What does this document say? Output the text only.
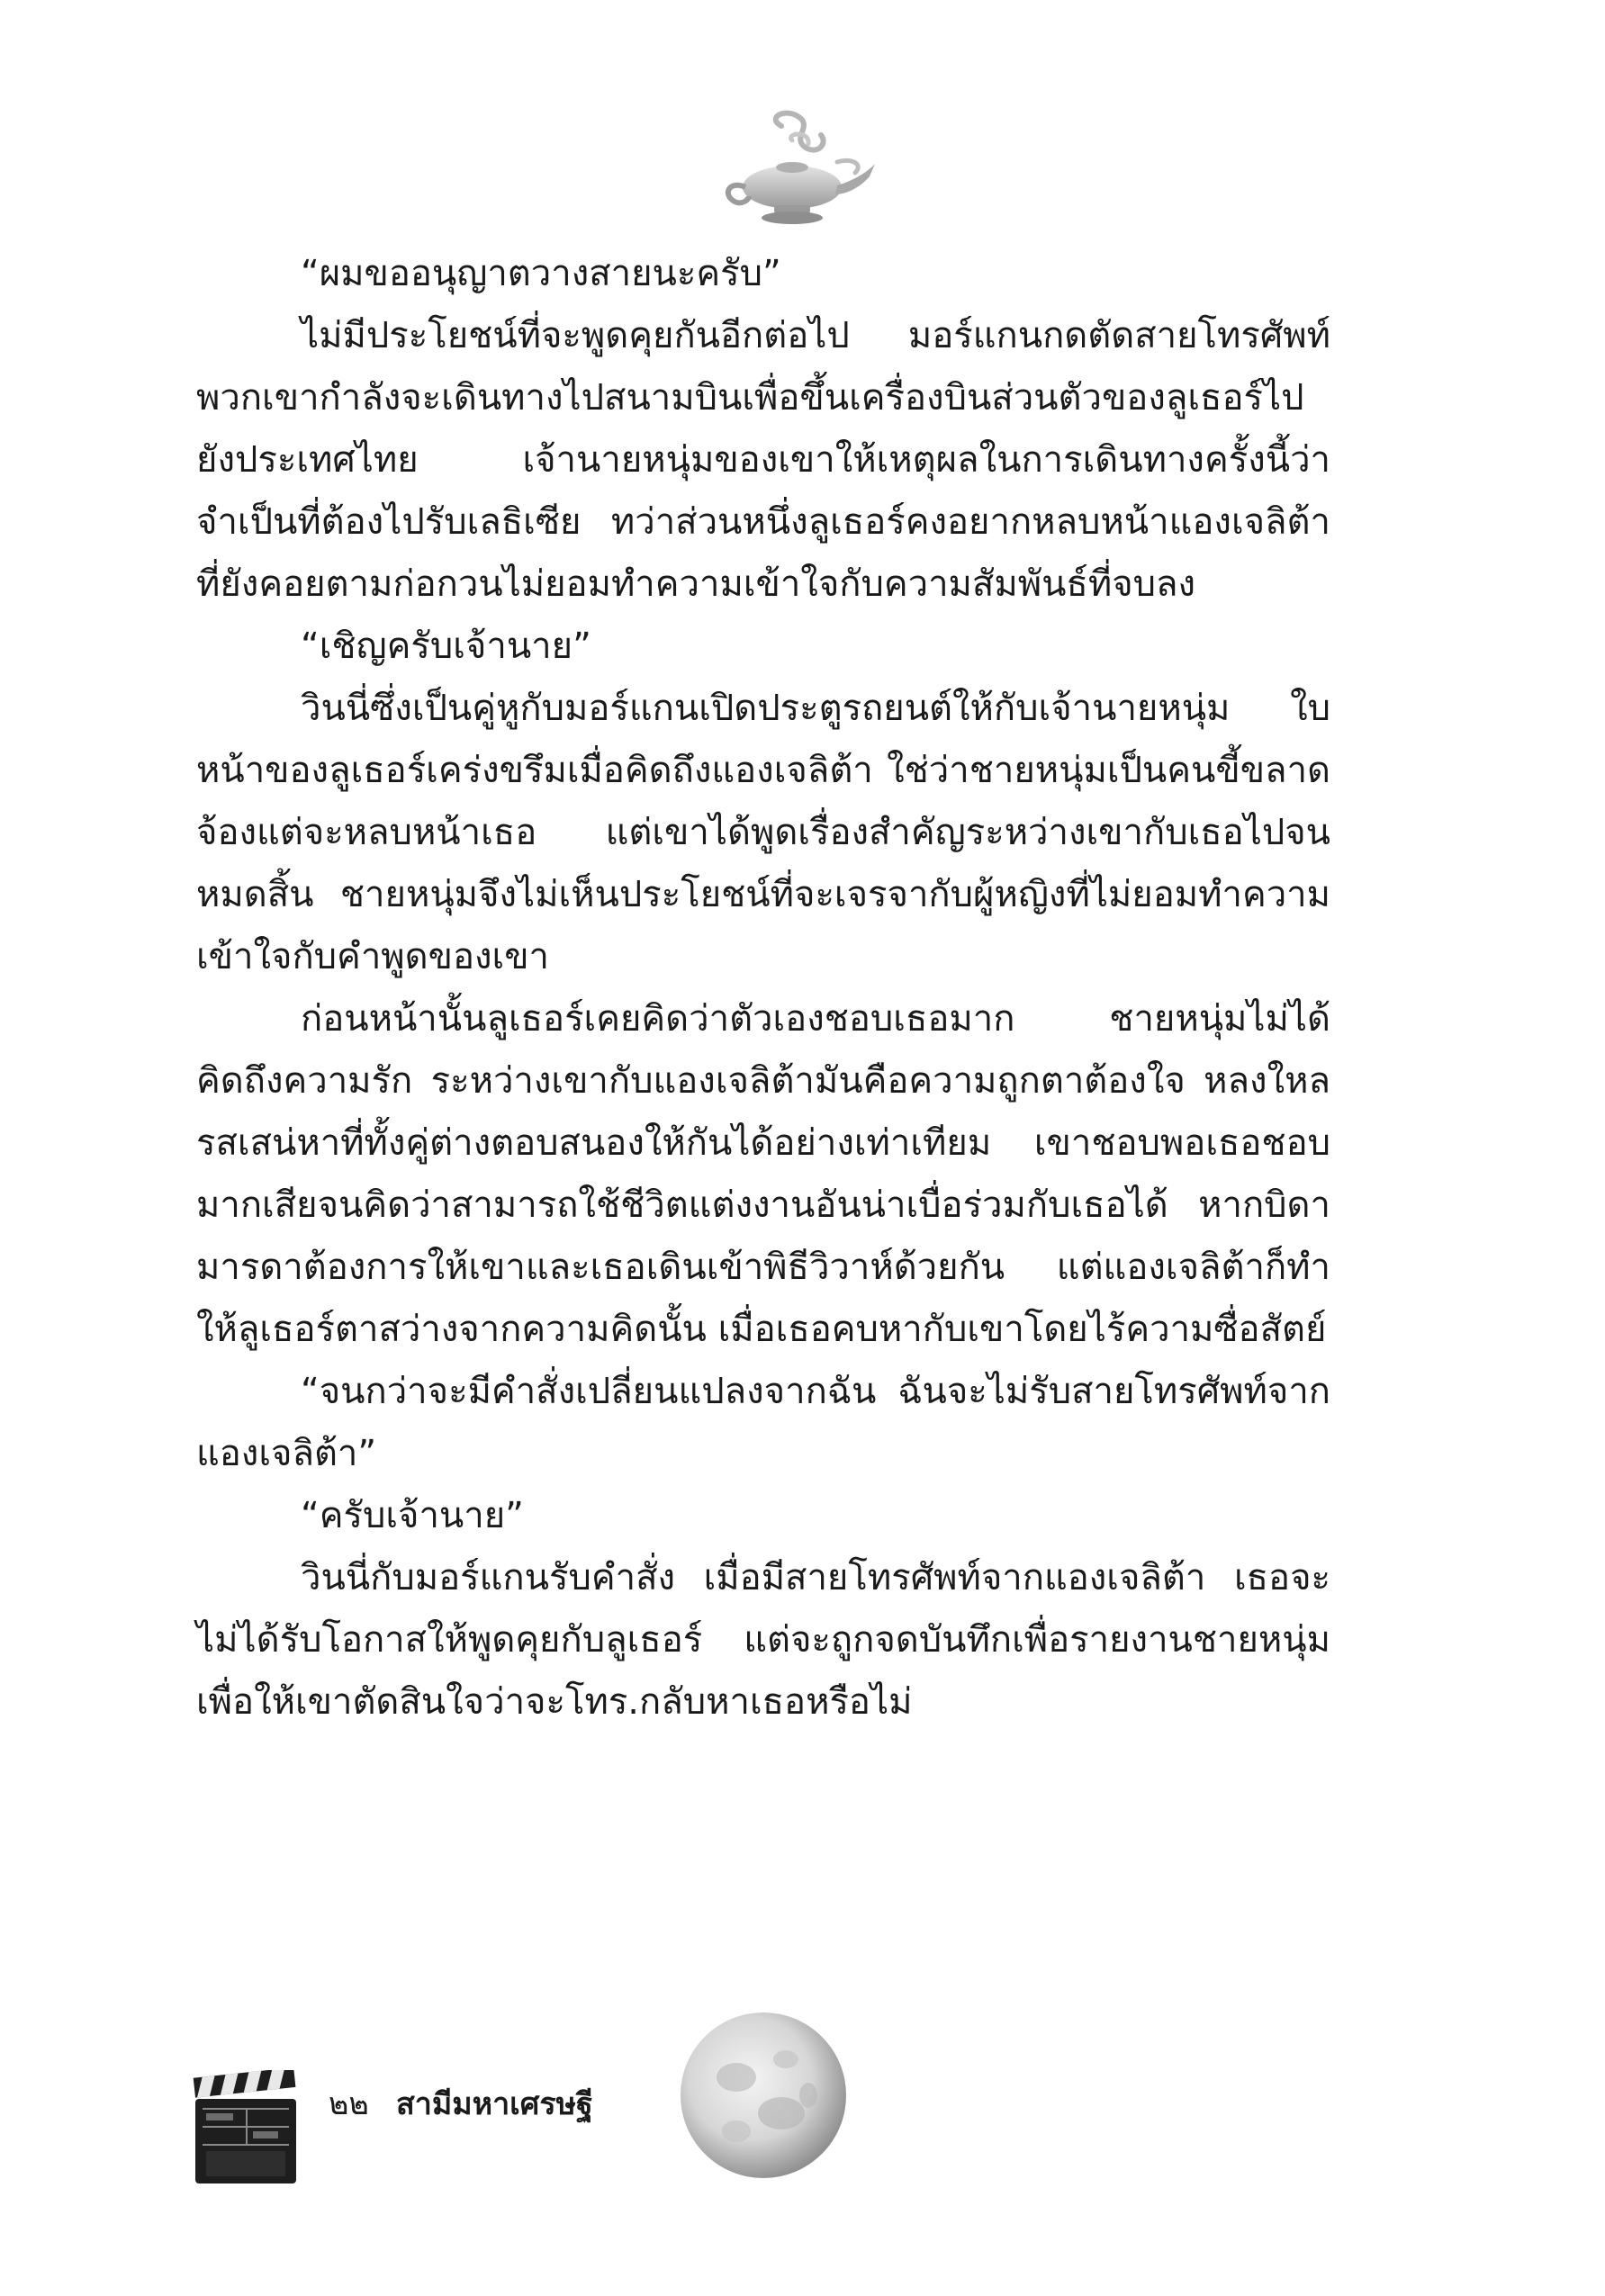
“ผมขออนุญาตวางสายนะครับ”

ไม่มีประโยชน์ที่จะพูดคุยกันอีกต่อไป มอร์แกนกดตัดสายโทรศัพท์ พวกเขากำลังจะเดินทางไปสนามบินเพื่อขึ้นเครื่องบินส่วนตัวของลูเธอร์ไปยังประเทศไทย เจ้านายหนุ่มของเขาให้เหตุผลในการเดินทางครั้งนี้ว่าจำเป็นที่ต้องไปรับเลธิเซีย ทว่าส่วนหนึ่งลูเธอร์คงอยากหลบหน้าแองเจลิต้าที่ยังคอยตามก่อกวนไม่ยอมทำความเข้าใจกับความสัมพันธ์ที่จบลง

“เชิญครับเจ้านาย”

วินนี่ซึ่งเป็นคู่หูกับมอร์แกนเปิดประตูรถยนต์ให้กับเจ้านายหนุ่ม ใบหน้าของลูเธอร์เคร่งขรึมเมื่อคิดถึงแองเจลิต้า ใช่ว่าชายหนุ่มเป็นคนขี้ขลาดจ้องแต่จะหลบหน้าเธอ แต่เขาได้พูดเรื่องสำคัญระหว่างเขากับเธอไปจนหมดสิ้น ชายหนุ่มจึงไม่เห็นประโยชน์ที่จะเจรจากับผู้หญิงที่ไม่ยอมทำความเข้าใจกับคำพูดของเขา

ก่อนหน้านั้นลูเธอร์เคยคิดว่าตัวเองชอบเธอมาก ชายหนุ่มไม่ได้คิดถึงความรัก ระหว่างเขากับแองเจลิต้ามันคือความถูกตาต้องใจ หลงใหลรสเสน่หาที่ทั้งคู่ต่างตอบสนองให้กันได้อย่างเท่าเทียม เขาชอบพอเธอชอบมากเสียจนคิดว่าสามารถใช้ชีวิตแต่งงานอันน่าเบื่อร่วมกับเธอได้ หากบิดามารดาต้องการให้เขาและเธอเดินเข้าพิธีวิวาห์ด้วยกัน แต่แองเจลิต้าก็ทำให้ลูเธอร์ตาสว่างจากความคิดนั้น เมื่อเธอคบหากับเขาโดยไร้ความซื่อสัตย์

“จนกว่าจะมีคำสั่งเปลี่ยนแปลงจากฉัน ฉันจะไม่รับสายโทรศัพท์จากแองเจลิต้า”

“ครับเจ้านาย”

วินนี่กับมอร์แกนรับคำสั่ง เมื่อมีสายโทรศัพท์จากแองเจลิต้า เธอจะไม่ได้รับโอกาสให้พูดคุยกับลูเธอร์ แต่จะถูกจดบันทึกเพื่อรายงานชายหนุ่มเพื่อให้เขาตัดสินใจว่าจะโทร.กลับหาเธอหรือไม่

๒๒ สามีมหาเศรษฐี
